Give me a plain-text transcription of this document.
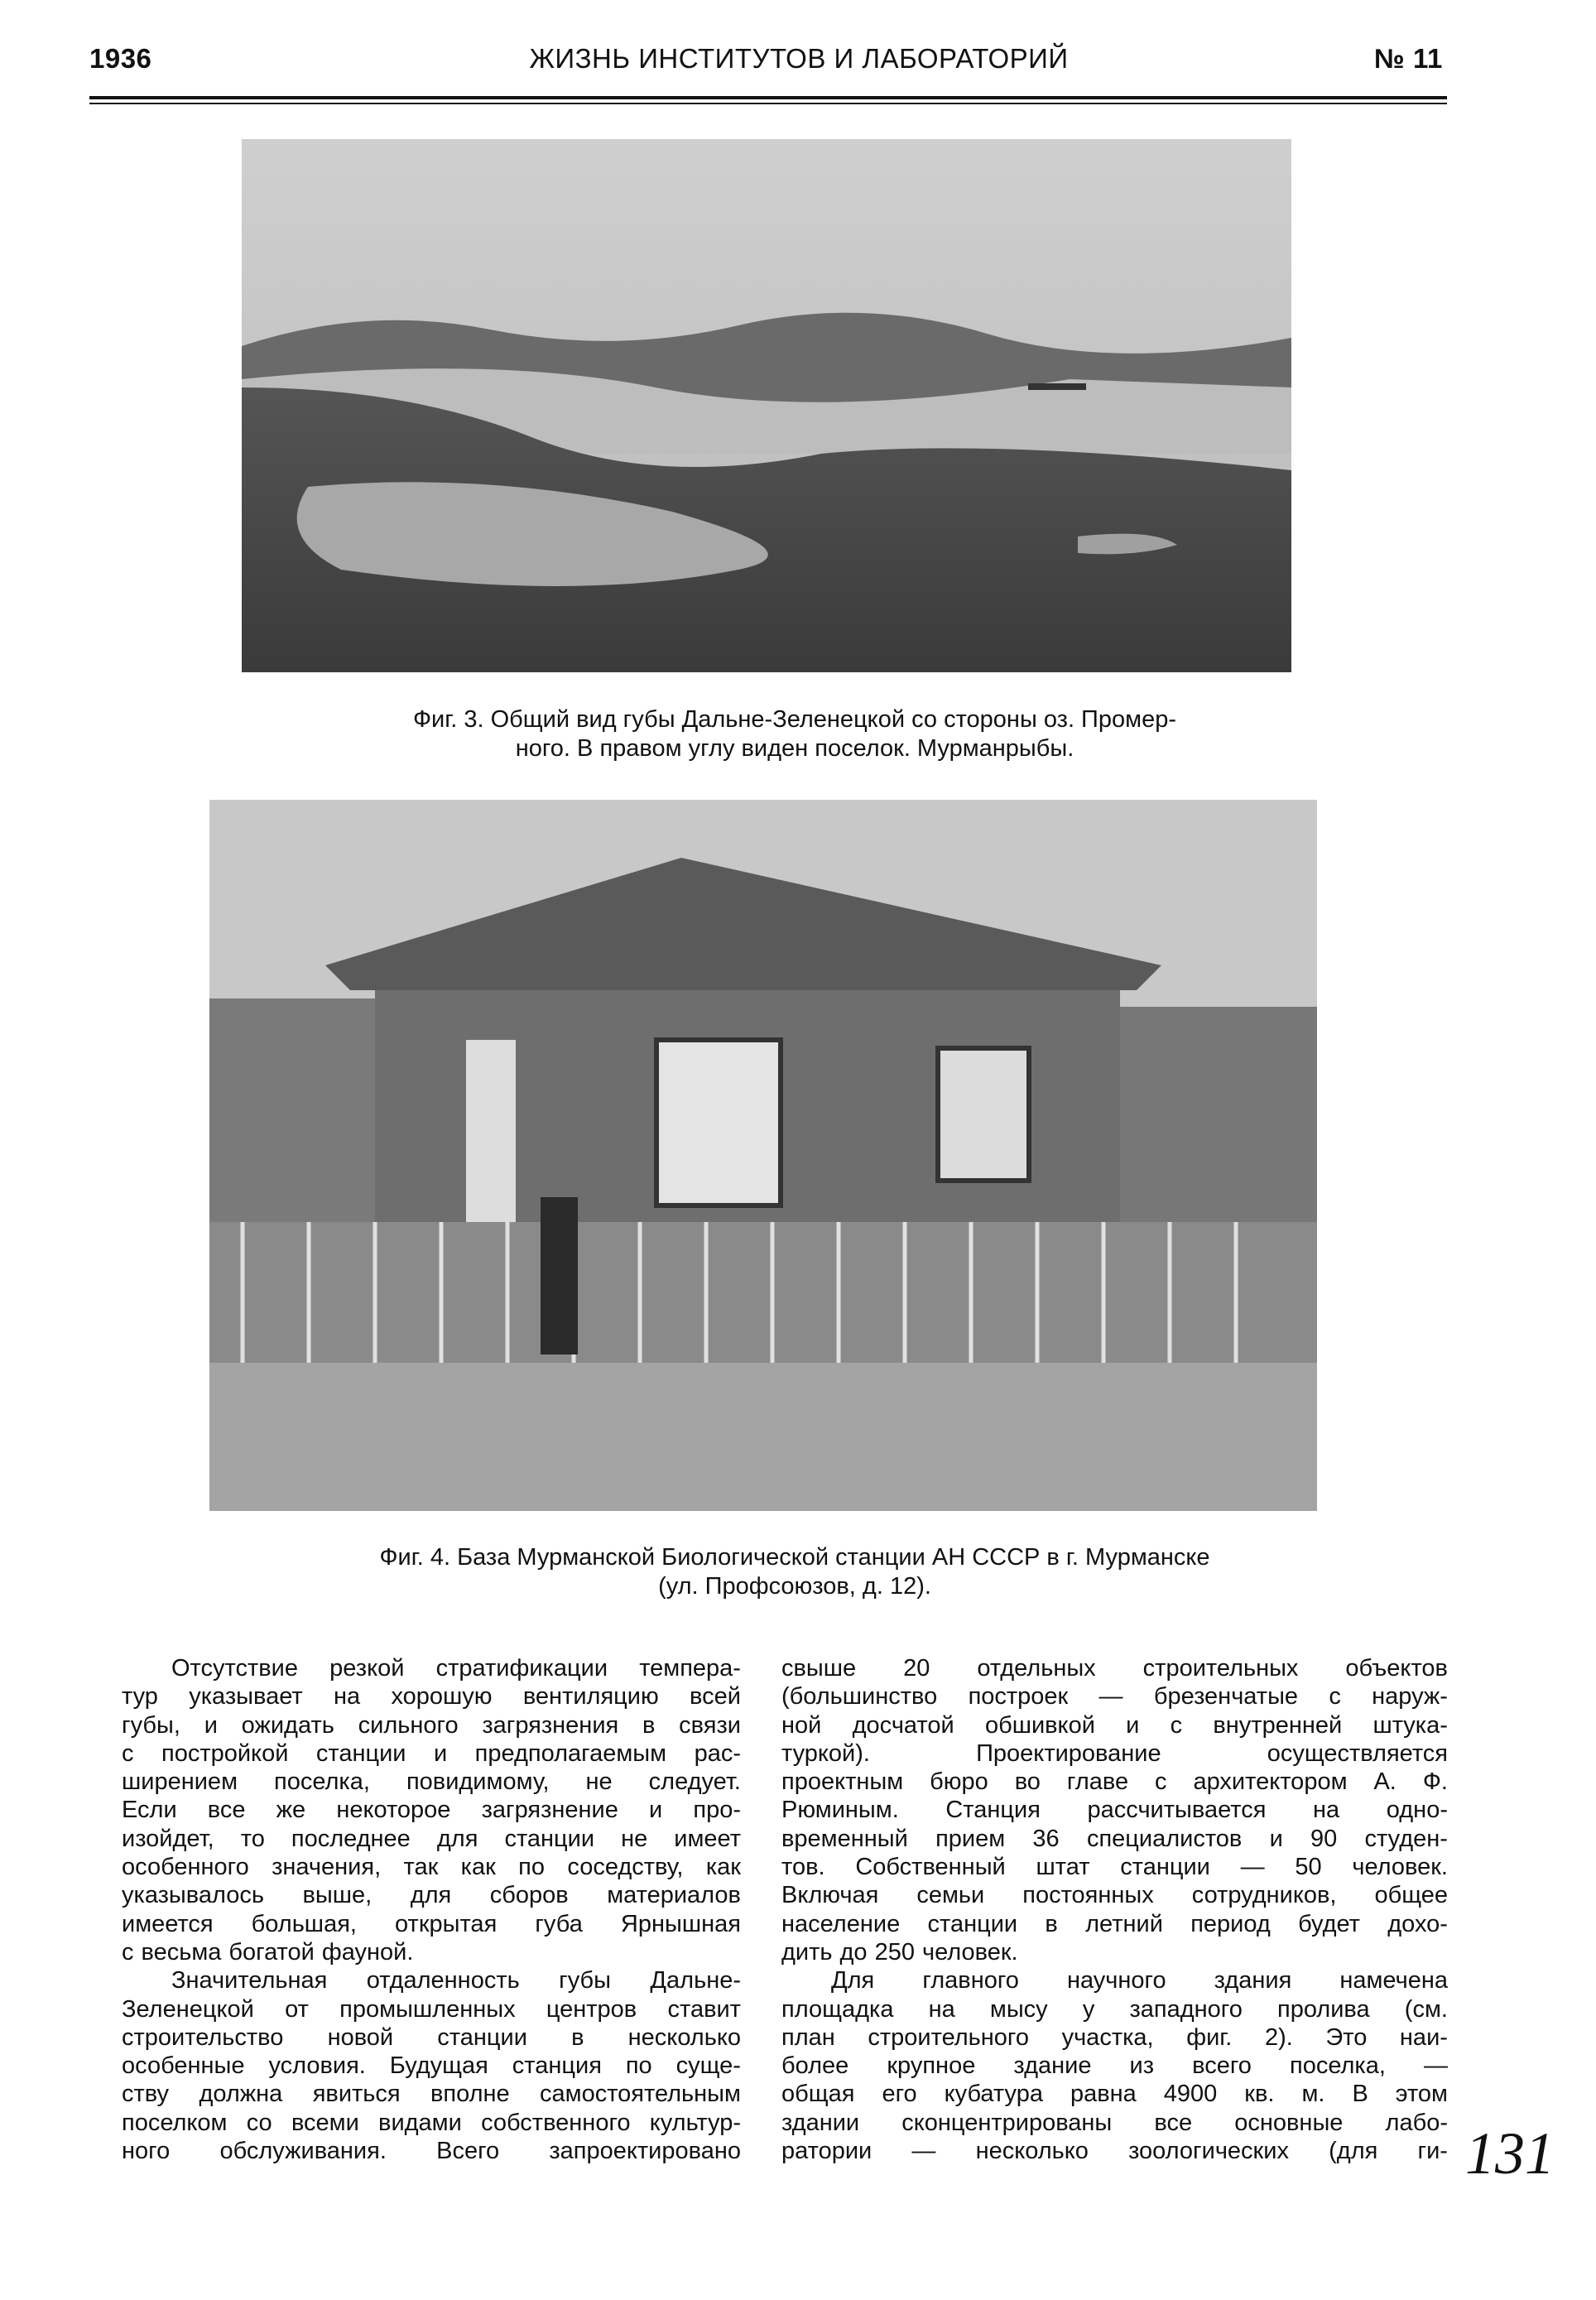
1936	ЖИЗНЬ ИНСТИТУТОВ И ЛАБОРАТОРИЙ	№ 11
Фиг. 3. Общий вид губы Дальне-Зеленецкой со стороны оз. Промер-
ного. В правом углу виден поселок. Мурманрыбы.
Фиг. 4. База Мурманской Биологической станции АН СССР в г. Мурманске
(ул. Профсоюзов, д. 12).
Отсутствие резкой стратификации темпера-
тур указывает на хорошую вентиляцию всей
губы, и ожидать сильного загрязнения в связи
с постройкой станции и предполагаемым рас-
ширением поселка, повидимому, не следует.
Если все же некоторое загрязнение и про-
изойдет, то последнее для станции не имеет
особенного значения, так как по соседству, как
указывалось выше, для сборов материалов
имеется большая, открытая губа Ярнышная
с весьма богатой фауной.
Значительная отдаленность губы Дальне-
Зеленецкой от промышленных центров ставит
строительство новой станции в несколько
особенные условия. Будущая станция по суще-
ству должна явиться вполне самостоятельным
поселком со всеми видами собственного культур-
ного обслуживания. Всего запроектировано
свыше 20 отдельных строительных объектов
(большинство построек — брезенчатые с наруж-
ной досчатой обшивкой и с внутренней штука-
туркой).	Проектирование	осуществляется
проектным бюро во главе с архитектором А. Ф.
Рюминым. Станция рассчитывается на одно-
временный прием 36 специалистов и 90 студен-
тов. Собственный штат станции — 50 человек.
Включая семьи постоянных сотрудников, общее
население станции в летний период будет дохо-
дить до 250 человек.
Для главного научного здания намечена
площадка на мысу у западного пролива (см.
план строительного участка, фиг. 2). Это наи-
более крупное здание из всего поселка, —
общая его кубатура равна 4900 кв. м. В этом
здании сконцентрированы все основные лабо-
ратории — несколько зоологических (для ги- 131
